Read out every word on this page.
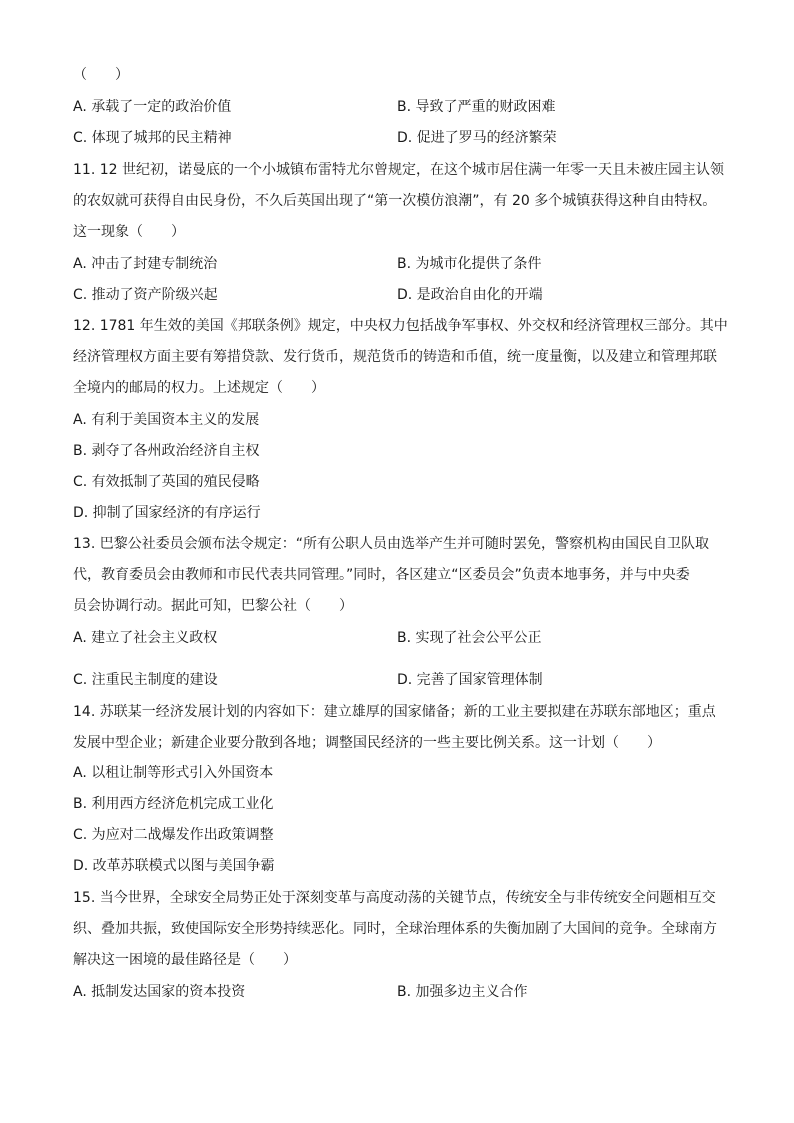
（　　）
A. 承载了一定的政治价值	B. 导致了严重的财政困难
C. 体现了城邦的民主精神	D. 促进了罗马的经济繁荣
11. 12 世纪初，诺曼底的一个小城镇布雷特尤尔曾规定，在这个城市居住满一年零一天且未被庄园主认领
的农奴就可获得自由民身份，不久后英国出现了“第一次模仿浪潮”，有 20 多个城镇获得这种自由特权。
这一现象（　　）
A. 冲击了封建专制统治	B. 为城市化提供了条件
C. 推动了资产阶级兴起	D. 是政治自由化的开端
12. 1781 年生效的美国《邦联条例》规定，中央权力包括战争军事权、外交权和经济管理权三部分。其中
经济管理权方面主要有筹措贷款、发行货币，规范货币的铸造和币值，统一度量衡，以及建立和管理邦联
全境内的邮局的权力。上述规定（　　）
A. 有利于美国资本主义的发展
B. 剥夺了各州政治经济自主权
C. 有效抵制了英国的殖民侵略
D. 抑制了国家经济的有序运行
13. 巴黎公社委员会颁布法令规定：“所有公职人员由选举产生并可随时罢免，警察机构由国民自卫队取
代，教育委员会由教师和市民代表共同管理。”同时，各区建立“区委员会”负责本地事务，并与中央委
员会协调行动。据此可知，巴黎公社（　　）
A. 建立了社会主义政权	B. 实现了社会公平公正
C. 注重民主制度的建设	D. 完善了国家管理体制
14. 苏联某一经济发展计划的内容如下：建立雄厚的国家储备；新的工业主要拟建在苏联东部地区；重点
发展中型企业；新建企业要分散到各地；调整国民经济的一些主要比例关系。这一计划（　　）
A. 以租让制等形式引入外国资本
B. 利用西方经济危机完成工业化
C. 为应对二战爆发作出政策调整
D. 改革苏联模式以图与美国争霸
15. 当今世界，全球安全局势正处于深刻变革与高度动荡的关键节点，传统安全与非传统安全问题相互交
织、叠加共振，致使国际安全形势持续恶化。同时，全球治理体系的失衡加剧了大国间的竞争。全球南方
解决这一困境的最佳路径是（　　）
A. 抵制发达国家的资本投资	B. 加强多边主义合作
